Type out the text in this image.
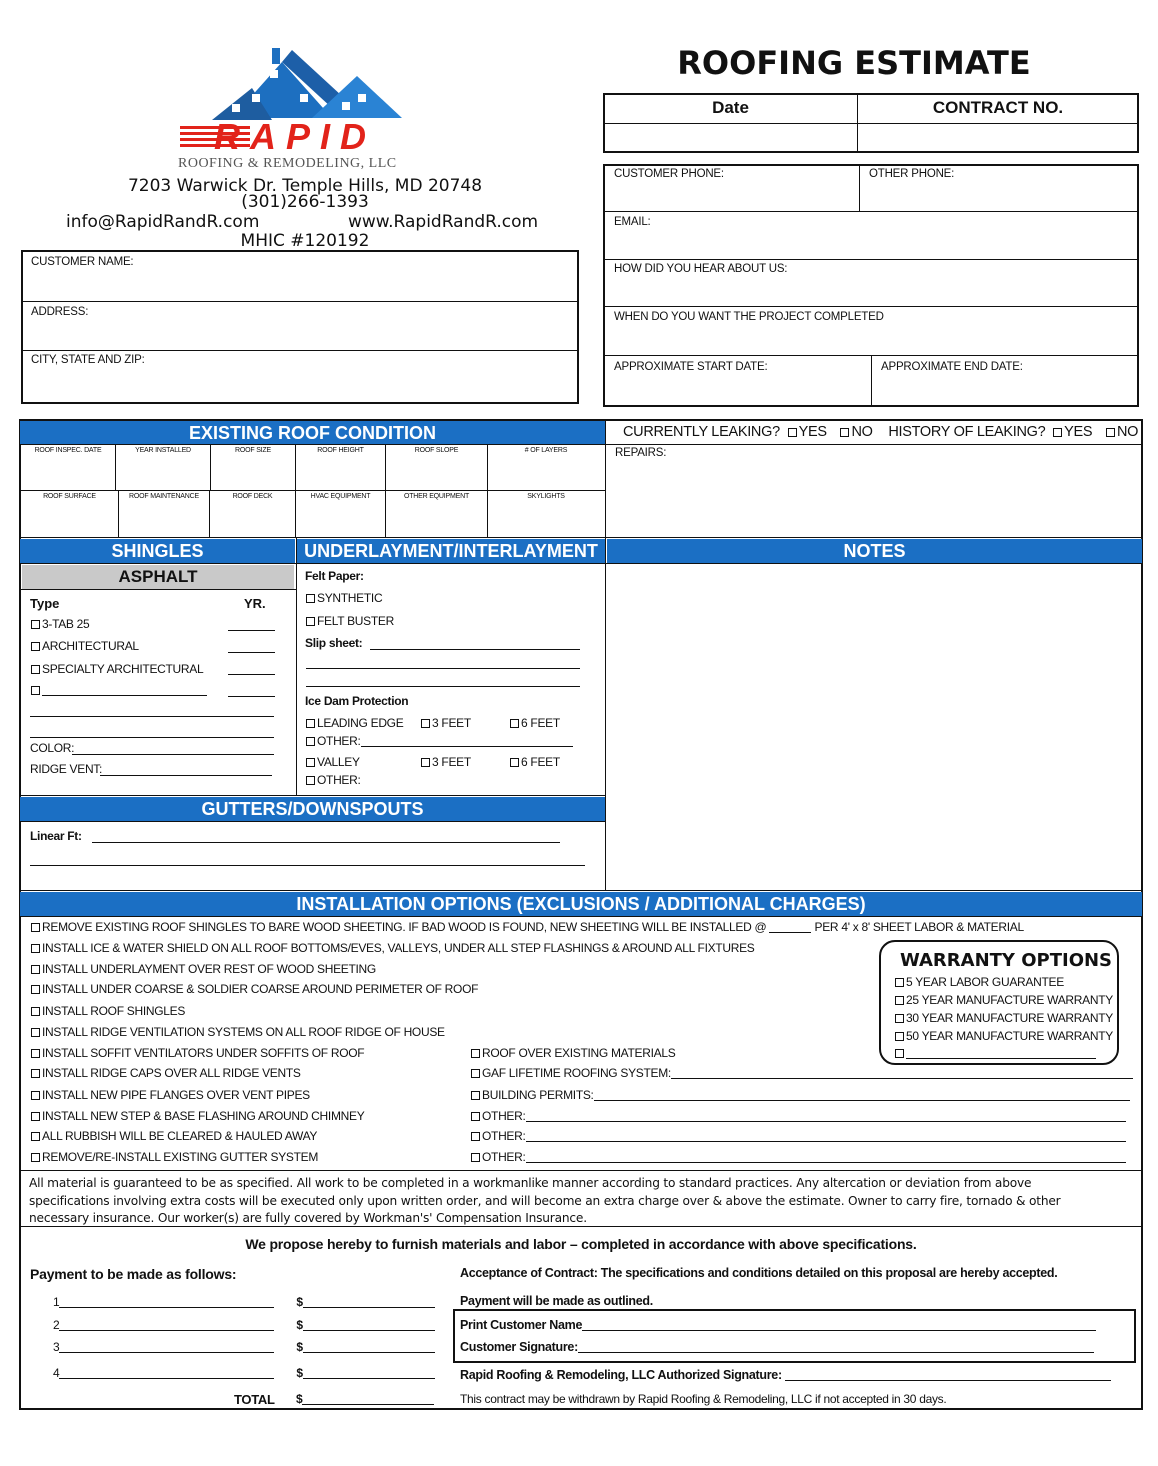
RAPID
ROOFING & REMODELING, LLC
7203 Warwick Dr. Temple Hills, MD 20748
(301)266-1393
info@RapidRandR.com	www.RapidRandR.com
MHIC #120192
ROOFING ESTIMATE
Date	CONTRACT NO.
CUSTOMER NAME:
ADDRESS:
CITY, STATE AND ZIP:
CUSTOMER PHONE:	OTHER PHONE:
EMAIL:
HOW DID YOU HEAR ABOUT US:
WHEN DO YOU WANT THE PROJECT COMPLETED
APPROXIMATE START DATE:	APPROXIMATE END DATE:
EXISTING ROOF CONDITION
ROOF INSPEC. DATE	YEAR INSTALLED	ROOF SIZE	ROOF HEIGHT	ROOF SLOPE	# OF LAYERS
ROOF SURFACE	ROOF MAINTENANCE	ROOF DECK	HVAC EQUIPMENT	OTHER EQUIPMENT	SKYLIGHTS
CURRENTLY LEAKING? YES NO HISTORY OF LEAKING? YES NO
REPAIRS:
SHINGLES	UNDERLAYMENT/INTERLAYMENT	NOTES
ASPHALT
Type	YR.
3-TAB 25
ARCHITECTURAL
SPECIALTY ARCHITECTURAL
COLOR:
RIDGE VENT:
Felt Paper:
SYNTHETIC
FELT BUSTER
Slip sheet:
Ice Dam Protection
LEADING EDGE	3 FEET	6 FEET
OTHER:
VALLEY	3 FEET	6 FEET
OTHER:
GUTTERS/DOWNSPOUTS
Linear Ft:
INSTALLATION OPTIONS (EXCLUSIONS / ADDITIONAL CHARGES)
REMOVE EXISTING ROOF SHINGLES TO BARE WOOD SHEETING. IF BAD WOOD IS FOUND, NEW SHEETING WILL BE INSTALLED @	PER 4' x 8' SHEET LABOR & MATERIAL
INSTALL ICE & WATER SHIELD ON ALL ROOF BOTTOMS/EVES, VALLEYS, UNDER ALL STEP FLASHINGS & AROUND ALL FIXTURES
INSTALL UNDERLAYMENT OVER REST OF WOOD SHEETING
INSTALL UNDER COARSE & SOLDIER COARSE AROUND PERIMETER OF ROOF
INSTALL ROOF SHINGLES
INSTALL RIDGE VENTILATION SYSTEMS ON ALL ROOF RIDGE OF HOUSE
INSTALL SOFFIT VENTILATORS UNDER SOFFITS OF ROOF
INSTALL RIDGE CAPS OVER ALL RIDGE VENTS
INSTALL NEW PIPE FLANGES OVER VENT PIPES
INSTALL NEW STEP & BASE FLASHING AROUND CHIMNEY
ALL RUBBISH WILL BE CLEARED & HAULED AWAY
REMOVE/RE-INSTALL EXISTING GUTTER SYSTEM
ROOF OVER EXISTING MATERIALS
GAF LIFETIME ROOFING SYSTEM:
BUILDING PERMITS:
OTHER:
OTHER:
OTHER:
WARRANTY OPTIONS
5 YEAR LABOR GUARANTEE
25 YEAR MANUFACTURE WARRANTY
30 YEAR MANUFACTURE WARRANTY
50 YEAR MANUFACTURE WARRANTY
All material is guaranteed to be as specified. All work to be completed in a workmanlike manner according to standard practices. Any altercation or deviation from above
specifications involving extra costs will be executed only upon written order, and will become an extra charge over & above the estimate. Owner to carry fire, tornado & other
necessary insurance. Our worker(s) are fully covered by Workman's' Compensation Insurance.
We propose hereby to furnish materials and labor – completed in accordance with above specifications.
Payment to be made as follows:
1	$
2	$
3	$
4	$
TOTAL $
Acceptance of Contract: The specifications and conditions detailed on this proposal are hereby accepted.
Payment will be made as outlined.
Print Customer Name
Customer Signature:
Rapid Roofing & Remodeling, LLC Authorized Signature:
This contract may be withdrawn by Rapid Roofing & Remodeling, LLC if not accepted in 30 days.
